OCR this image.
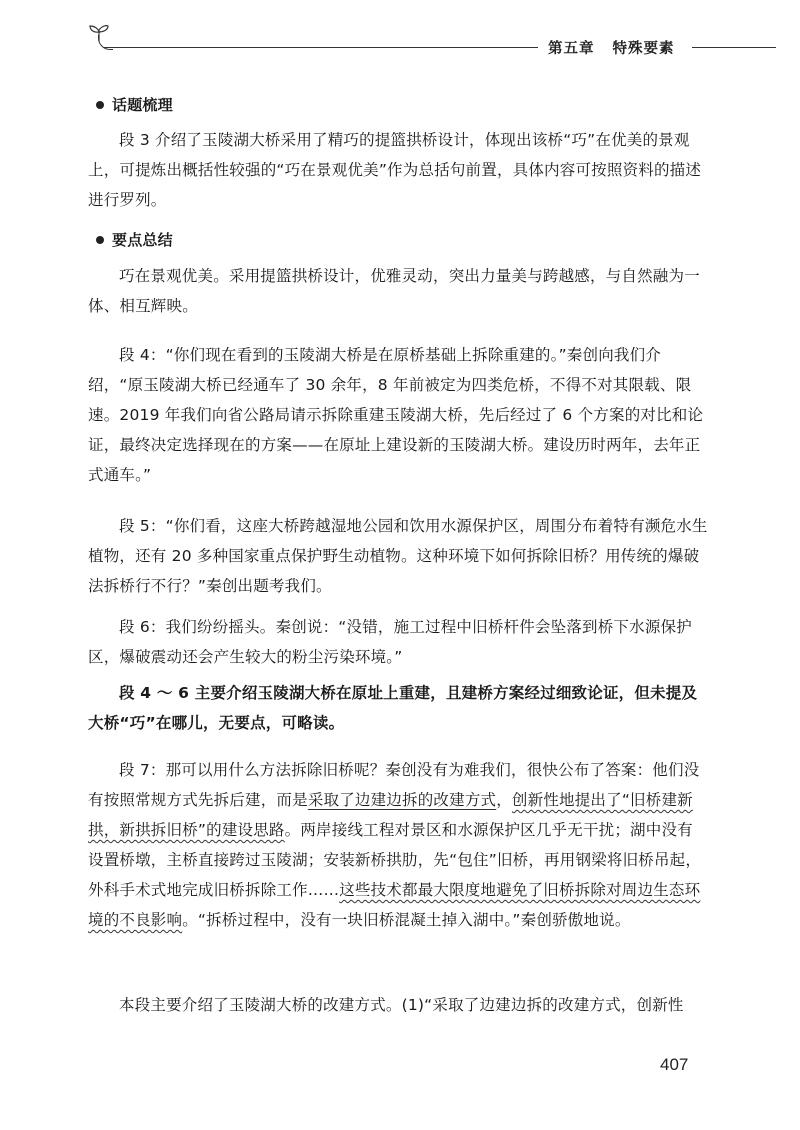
第五章 特殊要素

话题梳理

段 3 介绍了玉陵湖大桥采用了精巧的提篮拱桥设计，体现出该桥“巧”在优美的景观上，可提炼出概括性较强的“巧在景观优美”作为总括句前置，具体内容可按照资料的描述进行罗列。

要点总结

巧在景观优美。采用提篮拱桥设计，优雅灵动，突出力量美与跨越感，与自然融为一体、相互辉映。

段 4：“你们现在看到的玉陵湖大桥是在原桥基础上拆除重建的。”秦创向我们介绍，“原玉陵湖大桥已经通车了 30 余年，8 年前被定为四类危桥，不得不对其限载、限速。2019 年我们向省公路局请示拆除重建玉陵湖大桥，先后经过了 6 个方案的对比和论证，最终决定选择现在的方案——在原址上建设新的玉陵湖大桥。建设历时两年，去年正式通车。”

段 5：“你们看，这座大桥跨越湿地公园和饮用水源保护区，周围分布着特有濒危水生植物，还有 20 多种国家重点保护野生动植物。这种环境下如何拆除旧桥？用传统的爆破法拆桥行不行？”秦创出题考我们。

段 6：我们纷纷摇头。秦创说：“没错，施工过程中旧桥杆件会坠落到桥下水源保护区，爆破震动还会产生较大的粉尘污染环境。”

段 4 ～ 6 主要介绍玉陵湖大桥在原址上重建，且建桥方案经过细致论证，但未提及大桥“巧”在哪儿，无要点，可略读。

段 7：那可以用什么方法拆除旧桥呢？秦创没有为难我们，很快公布了答案：他们没有按照常规方式先拆后建，而是采取了边建边拆的改建方式，创新性地提出了“旧桥建新拱，新拱拆旧桥”的建设思路。两岸接线工程对景区和水源保护区几乎无干扰；湖中没有设置桥墩，主桥直接跨过玉陵湖；安装新桥拱肋，先“包住”旧桥，再用钢梁将旧桥吊起，外科手术式地完成旧桥拆除工作……这些技术都最大限度地避免了旧桥拆除对周边生态环境的不良影响。“拆桥过程中，没有一块旧桥混凝土掉入湖中。”秦创骄傲地说。

本段主要介绍了玉陵湖大桥的改建方式。(1)“采取了边建边拆的改建方式，创新性

407
